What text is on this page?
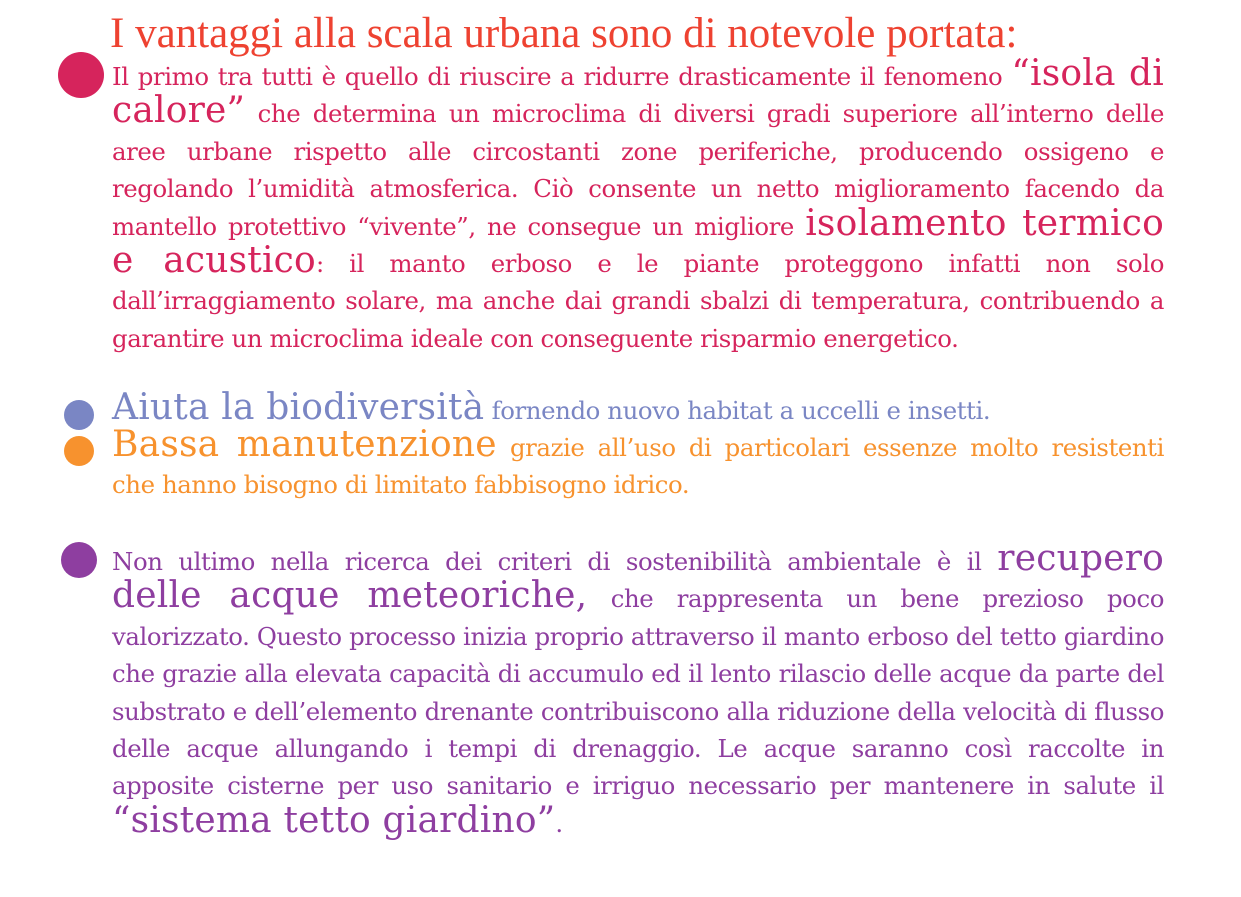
I vantaggi alla scala urbana sono di notevole portata:

Il primo tra tutti è quello di riuscire a ridurre drasticamente il fenomeno “isola di calore” che determina un microclima di diversi gradi superiore all’interno delle aree urbane rispetto alle circostanti zone periferiche, producendo ossigeno e regolando l’umidità atmosferica. Ciò consente un netto miglioramento facendo da mantello protettivo “vivente”, ne consegue un migliore isolamento termico e acustico: il manto erboso e le piante proteggono infatti non solo dall’irraggiamento solare, ma anche dai grandi sbalzi di temperatura, contribuendo a garantire un microclima ideale con conseguente risparmio energetico.

Aiuta la biodiversità fornendo nuovo habitat a uccelli e insetti.

Bassa manutenzione grazie all’uso di particolari essenze molto resistenti che hanno bisogno di limitato fabbisogno idrico.

Non ultimo nella ricerca dei criteri di sostenibilità ambientale è il recupero delle acque meteoriche, che rappresenta un bene prezioso poco valorizzato. Questo processo inizia proprio attraverso il manto erboso del tetto giardino che grazie alla elevata capacità di accumulo ed il lento rilascio delle acque da parte del substrato e dell’elemento drenante contribuiscono alla riduzione della velocità di flusso delle acque allungando i tempi di drenaggio. Le acque saranno così raccolte in apposite cisterne per uso sanitario e irriguo necessario per mantenere in salute il “sistema tetto giardino”.
